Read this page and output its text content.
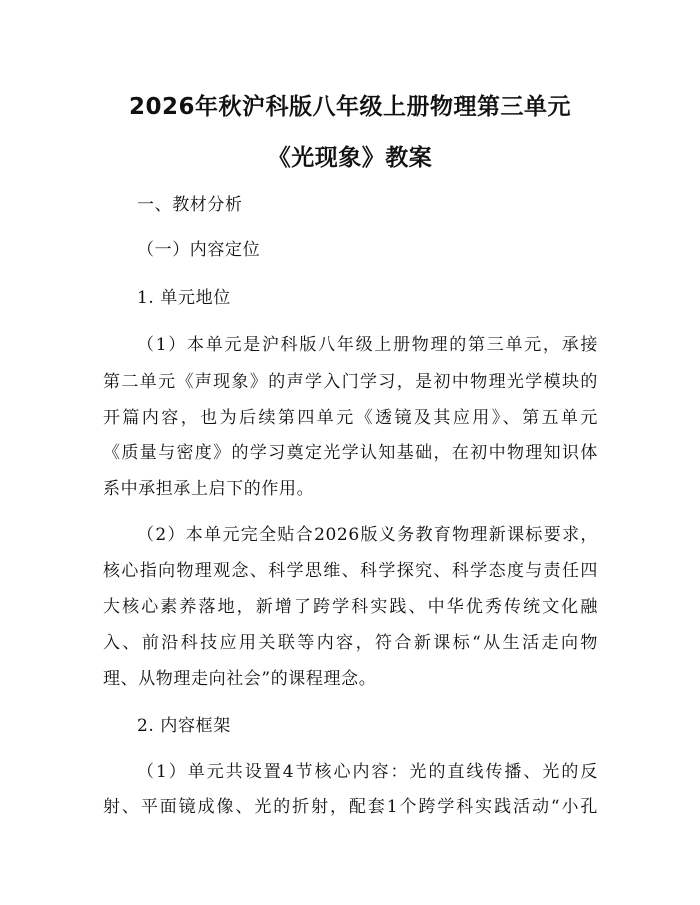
2026年秋沪科版八年级上册物理第三单元
《光现象》教案
一、教材分析
（一）内容定位
1. 单元地位
（1）本单元是沪科版八年级上册物理的第三单元，承接
第二单元《声现象》的声学入门学习，是初中物理光学模块的
开篇内容，也为后续第四单元《透镜及其应用》、第五单元
《质量与密度》的学习奠定光学认知基础，在初中物理知识体
系中承担承上启下的作用。
（2）本单元完全贴合2026版义务教育物理新课标要求，
核心指向物理观念、科学思维、科学探究、科学态度与责任四
大核心素养落地，新增了跨学科实践、中华优秀传统文化融
入、前沿科技应用关联等内容，符合新课标“从生活走向物
理、从物理走向社会”的课程理念。
2. 内容框架
（1）单元共设置4节核心内容：光的直线传播、光的反
射、平面镜成像、光的折射，配套1个跨学科实践活动“小孔
